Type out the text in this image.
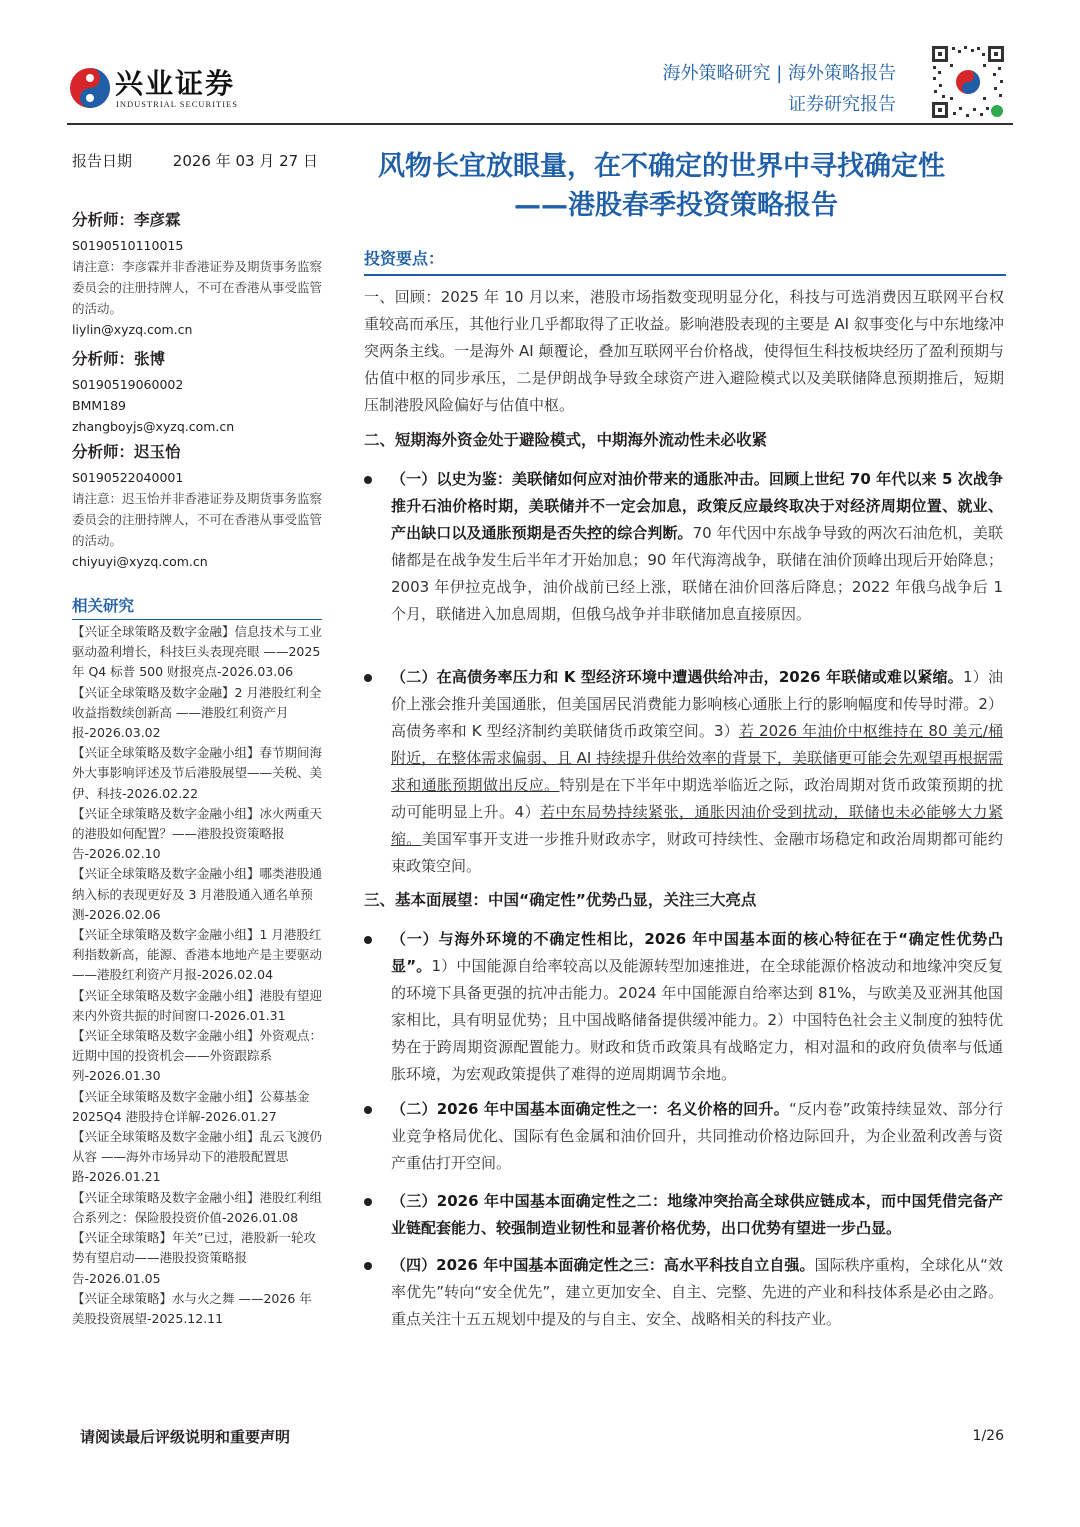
兴业证券
INDUSTRIAL SECURITIES
海外策略研究 | 海外策略报告
证券研究报告
报告日期	2026 年 03 月 27 日
分析师：李彦霖
S0190510110015
请注意：李彦霖并非香港证券及期货事务监察委员会的注册持牌人，不可在香港从事受监管的活动。
liylin@xyzq.com.cn
分析师：张博
S0190519060002
BMM189
zhangboyjs@xyzq.com.cn
分析师：迟玉怡
S0190522040001
请注意：迟玉怡并非香港证券及期货事务监察委员会的注册持牌人，不可在香港从事受监管的活动。
chiyuyi@xyzq.com.cn
相关研究
【兴证全球策略及数字金融】信息技术与工业驱动盈利增长，科技巨头表现亮眼 ——2025 年 Q4 标普 500 财报亮点-2026.03.06
【兴证全球策略及数字金融】2 月港股红利全收益指数续创新高 ——港股红利资产月报-2026.03.02
【兴证全球策略及数字金融小组】春节期间海外大事影响评述及节后港股展望——关税、美伊、科技-2026.02.22
【兴证全球策略及数字金融小组】冰火两重天的港股如何配置？——港股投资策略报告-2026.02.10
【兴证全球策略及数字金融小组】哪类港股通纳入标的表现更好及 3 月港股通入通名单预测-2026.02.06
【兴证全球策略及数字金融小组】1 月港股红利指数新高，能源、香港本地地产是主要驱动——港股红利资产月报-2026.02.04
【兴证全球策略及数字金融小组】港股有望迎来内外资共振的时间窗口-2026.01.31
【兴证全球策略及数字金融小组】外资观点：近期中国的投资机会——外资跟踪系列-2026.01.30
【兴证全球策略及数字金融小组】公募基金 2025Q4 港股持仓详解-2026.01.27
【兴证全球策略及数字金融小组】乱云飞渡仍从容 ——海外市场异动下的港股配置思路-2026.01.21
【兴证全球策略及数字金融小组】港股红利组合系列之：保险股投资价值-2026.01.08
【兴证全球策略】年关”已过，港股新一轮攻势有望启动——港股投资策略报告-2026.01.05
【兴证全球策略】水与火之舞 ——2026 年美股投资展望-2025.12.11
风物长宜放眼量，在不确定的世界中寻找确定性
——港股春季投资策略报告
投资要点：
一、回顾：2025 年 10 月以来，港股市场指数变现明显分化，科技与可选消费因互联网平台权重较高而承压，其他行业几乎都取得了正收益。影响港股表现的主要是 AI 叙事变化与中东地缘冲突两条主线。一是海外 AI 颠覆论，叠加互联网平台价格战，使得恒生科技板块经历了盈利预期与估值中枢的同步承压，二是伊朗战争导致全球资产进入避险模式以及美联储降息预期推后，短期压制港股风险偏好与估值中枢。
二、短期海外资金处于避险模式，中期海外流动性未必收紧
（一）以史为鉴：美联储如何应对油价带来的通胀冲击。回顾上世纪 70 年代以来 5 次战争推升石油价格时期，美联储并不一定会加息，政策反应最终取决于对经济周期位置、就业、产出缺口以及通胀预期是否失控的综合判断。70 年代因中东战争导致的两次石油危机，美联储都是在战争发生后半年才开始加息；90 年代海湾战争，联储在油价顶峰出现后开始降息；2003 年伊拉克战争，油价战前已经上涨，联储在油价回落后降息；2022 年俄乌战争后 1 个月，联储进入加息周期，但俄乌战争并非联储加息直接原因。
（二）在高债务率压力和 K 型经济环境中遭遇供给冲击，2026 年联储或难以紧缩。1）油价上涨会推升美国通胀，但美国居民消费能力影响核心通胀上行的影响幅度和传导时滞。2）高债务率和 K 型经济制约美联储货币政策空间。3）若 2026 年油价中枢维持在 80 美元/桶附近，在整体需求偏弱、且 AI 持续提升供给效率的背景下，美联储更可能会先观望再根据需求和通胀预期做出反应。特别是在下半年中期选举临近之际，政治周期对货币政策预期的扰动可能明显上升。4）若中东局势持续紧张，通胀因油价受到扰动，联储也未必能够大力紧缩。美国军事开支进一步推升财政赤字，财政可持续性、金融市场稳定和政治周期都可能约束政策空间。
三、基本面展望：中国“确定性”优势凸显，关注三大亮点
（一）与海外环境的不确定性相比，2026 年中国基本面的核心特征在于“确定性优势凸显”。1）中国能源自给率较高以及能源转型加速推进，在全球能源价格波动和地缘冲突反复的环境下具备更强的抗冲击能力。2024 年中国能源自给率达到 81%，与欧美及亚洲其他国家相比，具有明显优势；且中国战略储备提供缓冲能力。2）中国特色社会主义制度的独特优势在于跨周期资源配置能力。财政和货币政策具有战略定力，相对温和的政府负债率与低通胀环境，为宏观政策提供了难得的逆周期调节余地。
（二）2026 年中国基本面确定性之一：名义价格的回升。“反内卷”政策持续显效、部分行业竞争格局优化、国际有色金属和油价回升，共同推动价格边际回升，为企业盈利改善与资产重估打开空间。
（三）2026 年中国基本面确定性之二：地缘冲突抬高全球供应链成本，而中国凭借完备产业链配套能力、较强制造业韧性和显著价格优势，出口优势有望进一步凸显。
（四）2026 年中国基本面确定性之三：高水平科技自立自强。国际秩序重构，全球化从“效率优先”转向“安全优先”，建立更加安全、自主、完整、先进的产业和科技体系是必由之路。重点关注十五五规划中提及的与自主、安全、战略相关的科技产业。
请阅读最后评级说明和重要声明	1/26
